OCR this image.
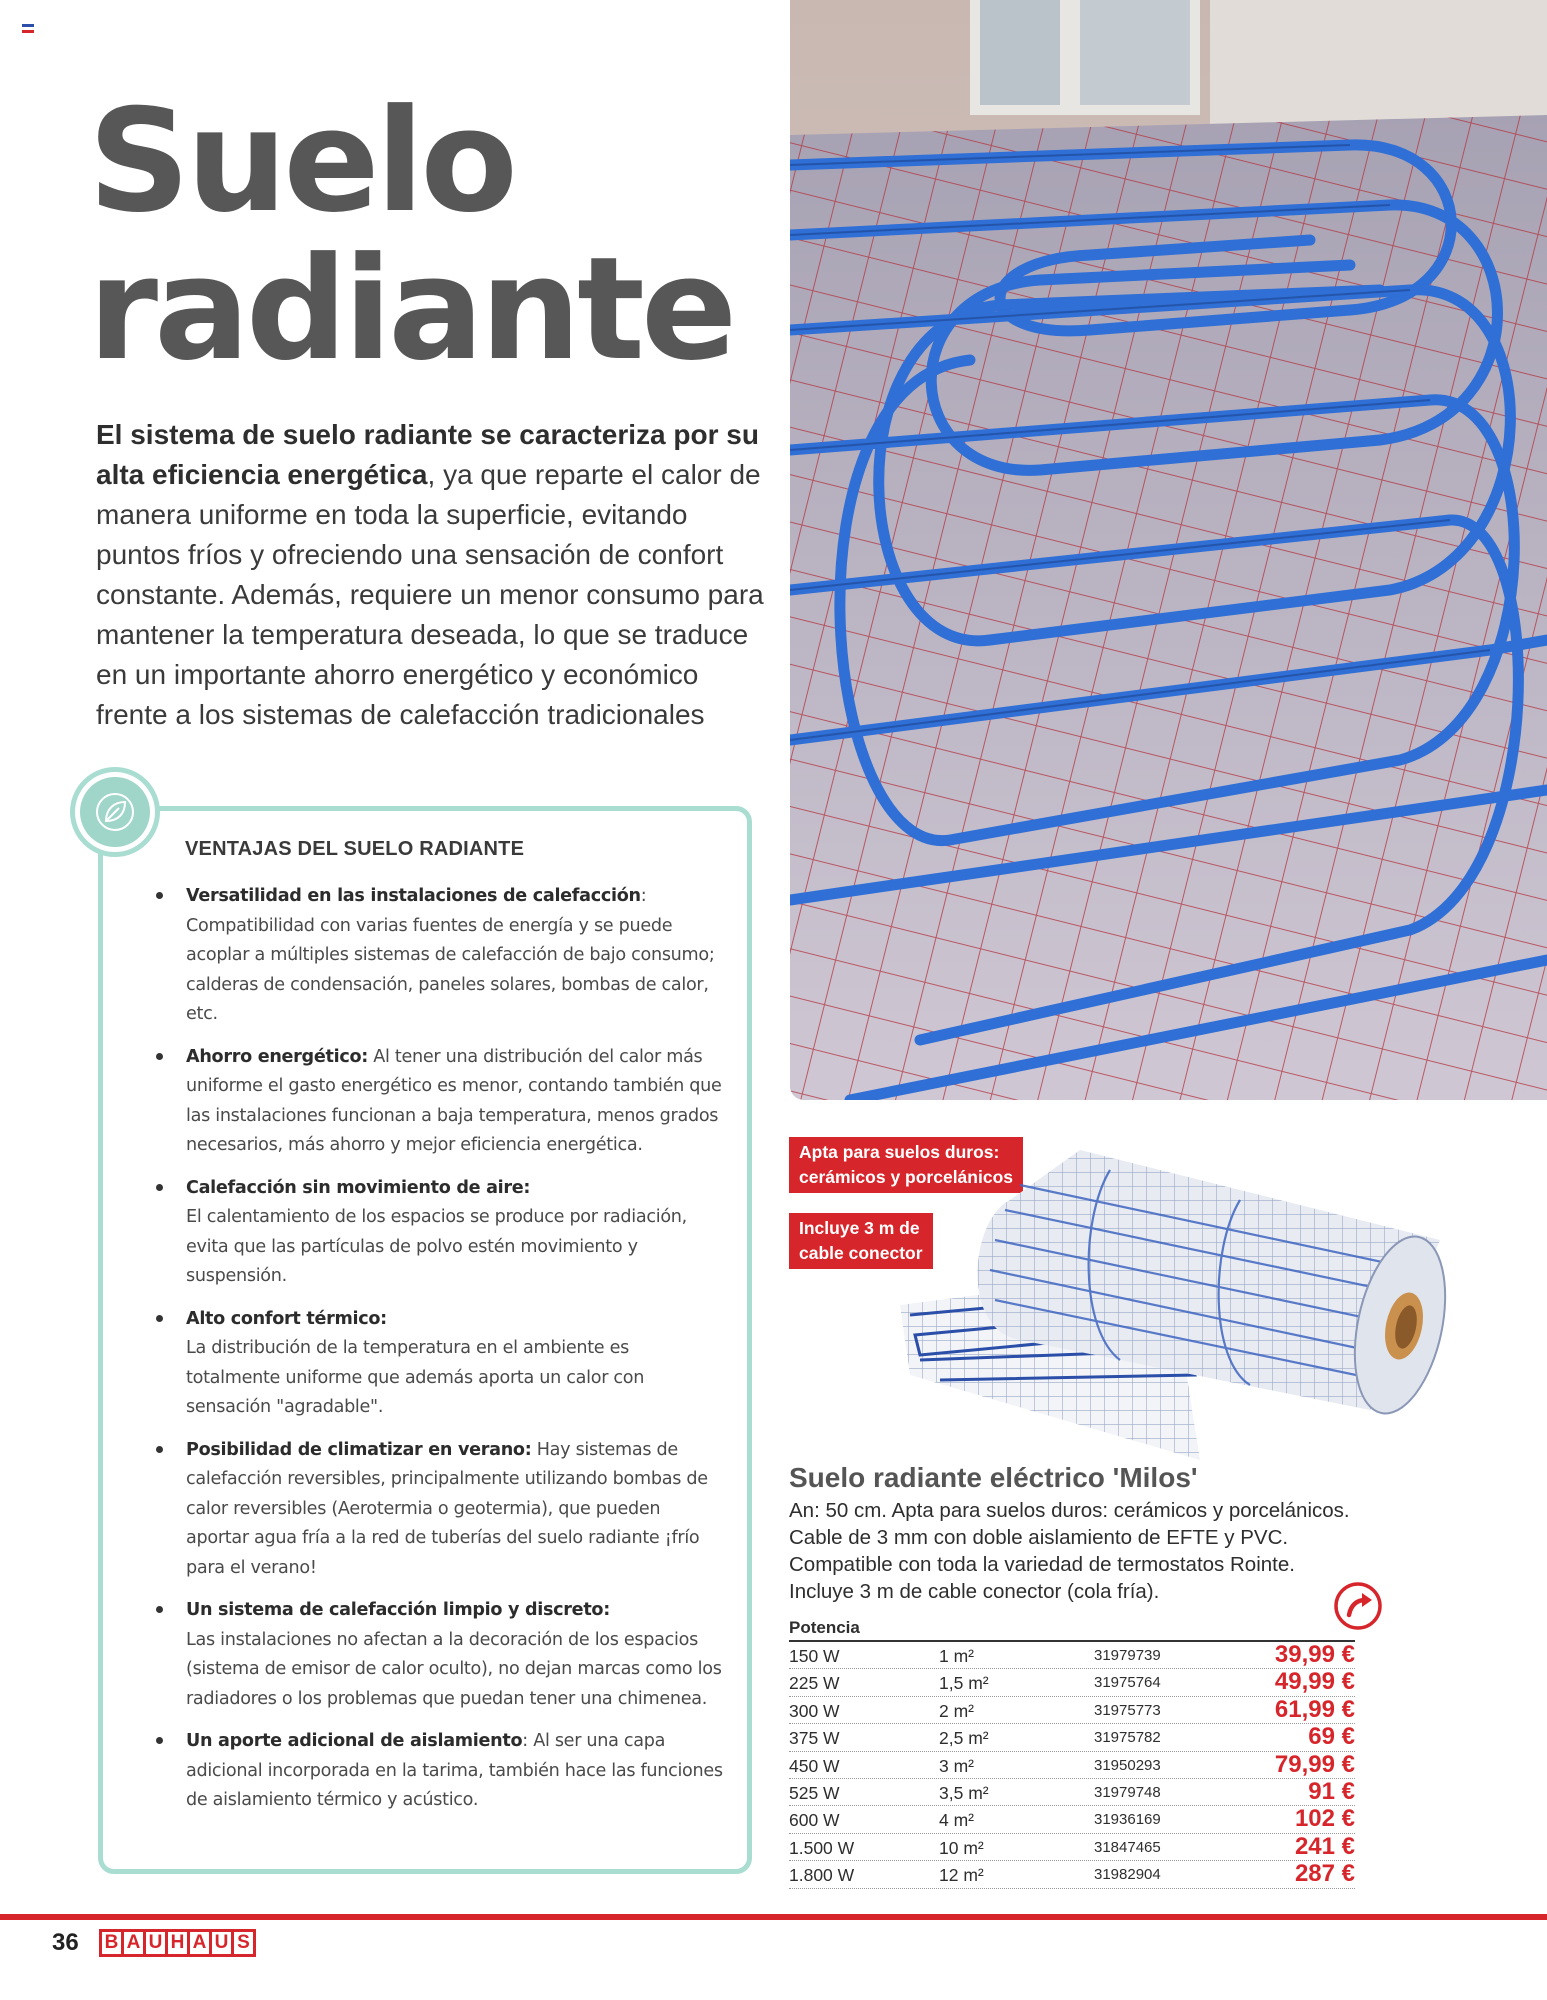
Suelo
radiante
El sistema de suelo radiante se caracteriza por su alta eficiencia energética, ya que reparte el calor de manera uniforme en toda la superficie, evitando puntos fríos y ofreciendo una sensación de confort constante. Además, requiere un menor consumo para mantener la temperatura deseada, lo que se traduce en un importante ahorro energético y económico frente a los sistemas de calefacción tradicionales
VENTAJAS DEL SUELO RADIANTE

Versatilidad en las instalaciones de calefacción:
Compatibilidad con varias fuentes de energía y se puede acoplar a múltiples sistemas de calefacción de bajo consumo; calderas de condensación, paneles solares, bombas de calor, etc.

Ahorro energético: Al tener una distribución del calor más uniforme el gasto energético es menor, contando también que las instalaciones funcionan a baja temperatura, menos grados necesarios, más ahorro y mejor eficiencia energética.

Calefacción sin movimiento de aire:
El calentamiento de los espacios se produce por radiación, evita que las partículas de polvo estén movimiento y suspensión.

Alto confort térmico:
La distribución de la temperatura en el ambiente es totalmente uniforme que además aporta un calor con sensación "agradable".

Posibilidad de climatizar en verano: Hay sistemas de calefacción reversibles, principalmente utilizando bombas de calor reversibles (Aerotermia o geotermia), que pueden aportar agua fría a la red de tuberías del suelo radiante ¡frío para el verano!

Un sistema de calefacción limpio y discreto:
Las instalaciones no afectan a la decoración de los espacios (sistema de emisor de calor oculto), no dejan marcas como los radiadores o los problemas que puedan tener una chimenea.

Un aporte adicional de aislamiento: Al ser una capa adicional incorporada en la tarima, también hace las funciones de aislamiento térmico y acústico.

Apta para suelos duros:
cerámicos y porcelánicos
Incluye 3 m de
cable conector
Suelo radiante eléctrico 'Milos'
An: 50 cm. Apta para suelos duros: cerámicos y porcelánicos.
Cable de 3 mm con doble aislamiento de EFTE y PVC.
Compatible con toda la variedad de termostatos Rointe.
Incluye 3 m de cable conector (cola fría).
Potencia
150 W	1 m²	31979739	39,99 €
225 W	1,5 m²	31975764	49,99 €
300 W	2 m²	31975773	61,99 €
375 W	2,5 m²	31975782	69 €
450 W	3 m²	31950293	79,99 €
525 W	3,5 m²	31979748	91 €
600 W	4 m²	31936169	102 €
1.500 W	10 m²	31847465	241 €
1.800 W	12 m²	31982904	287 €
36 B A U H A U S
